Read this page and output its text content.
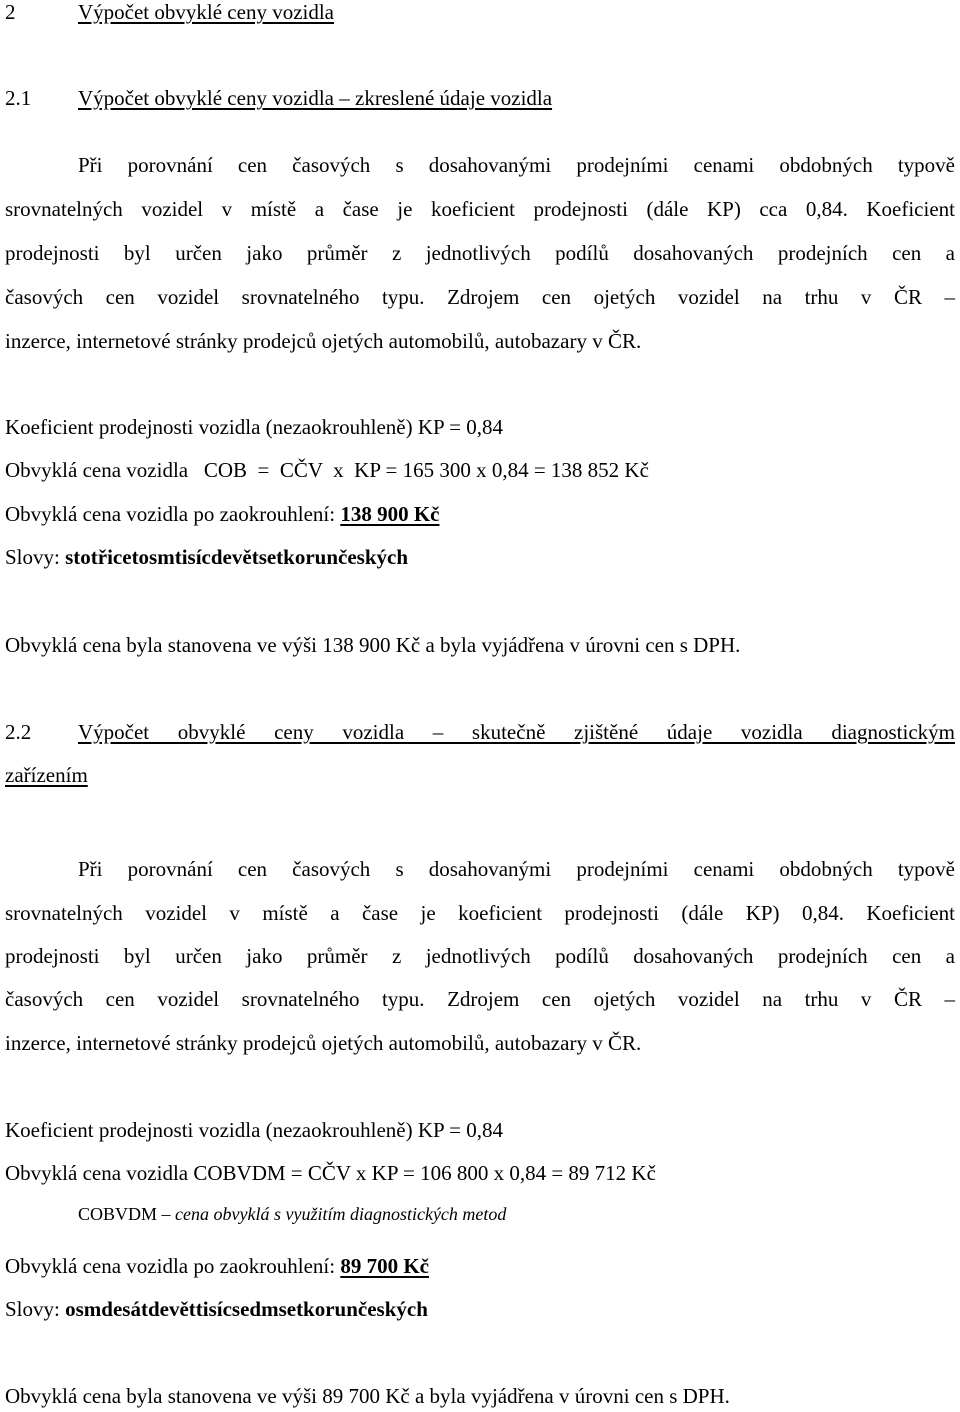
2	Výpočet obvyklé ceny vozidla
2.1 Výpočet obvyklé ceny vozidla – zkreslené údaje vozidla
Při porovnání cen časových s dosahovanými prodejními cenami obdobných typově
srovnatelných vozidel v místě a čase je koeficient prodejnosti (dále KP) cca 0,84. Koeficient
prodejnosti byl určen jako průměr z jednotlivých podílů dosahovaných prodejních cen a
časových cen vozidel srovnatelného typu. Zdrojem cen ojetých vozidel na trhu v ČR –
inzerce, internetové stránky prodejců ojetých automobilů, autobazary v ČR.
Koeficient prodejnosti vozidla (nezaokrouhleně) KP = 0,84
Obvyklá cena vozidla   COB  =  CČV  x  KP = 165 300 x 0,84 = 138 852 Kč
Obvyklá cena vozidla po zaokrouhlení: 138 900 Kč
Slovy: stotřicetosmtisícdevětsetkorunčeských
Obvyklá cena byla stanovena ve výši 138 900 Kč a byla vyjádřena v úrovni cen s DPH.
2.2 Výpočet obvyklé ceny vozidla – skutečně zjištěné údaje vozidla diagnostickým
zařízením
Při porovnání cen časových s dosahovanými prodejními cenami obdobných typově
srovnatelných vozidel v místě a čase je koeficient prodejnosti (dále KP) 0,84. Koeficient
prodejnosti byl určen jako průměr z jednotlivých podílů dosahovaných prodejních cen a
časových cen vozidel srovnatelného typu. Zdrojem cen ojetých vozidel na trhu v ČR –
inzerce, internetové stránky prodejců ojetých automobilů, autobazary v ČR.
Koeficient prodejnosti vozidla (nezaokrouhleně) KP = 0,84
Obvyklá cena vozidla COBVDM = CČV x KP = 106 800 x 0,84 = 89 712 Kč
COBVDM – cena obvyklá s využitím diagnostických metod
Obvyklá cena vozidla po zaokrouhlení: 89 700 Kč
Slovy: osmdesátdevěttisícsedmsetkorunčeských
Obvyklá cena byla stanovena ve výši 89 700 Kč a byla vyjádřena v úrovni cen s DPH.
